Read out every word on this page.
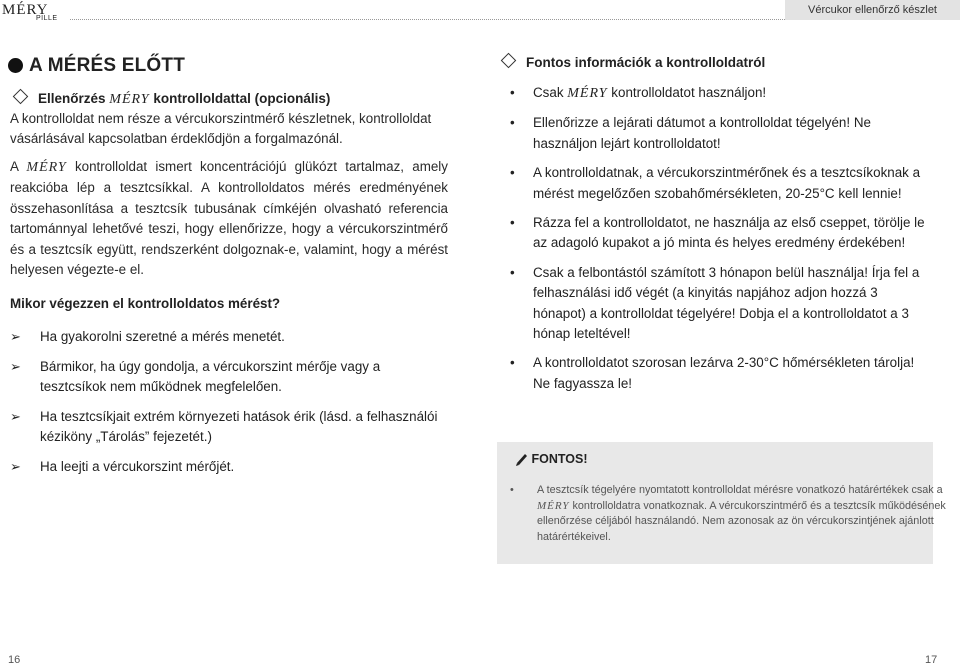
MÉRY
PILLE
Vércukor ellenőrző készlet
A MÉRÉS ELŐTT
Ellenőrzés MÉRY kontrolloldattal (opcionális)
A kontrolloldat nem része a vércukorszintmérő készletnek, kontrolloldat vásárlásával kapcsolatban érdeklődjön a forgalmazónál.
A MÉRY kontrolloldat ismert koncentrációjú glükózt tartalmaz, amely reakcióba lép a tesztcsíkkal. A kontrolloldatos mérés eredményének összehasonlítása a tesztcsík tubusának címkéjén olvasható referencia tartománnyal lehetővé teszi, hogy ellenőrizze, hogy a vércukorszintmérő és a tesztcsík együtt, rendszerként dolgoznak-e, valamint, hogy a mérést helyesen végezte-e el.
Mikor végezzen el kontrolloldatos mérést?
➢ Ha gyakorolni szeretné a mérés menetét.
➢ Bármikor, ha úgy gondolja, a vércukorszint mérője vagy a tesztcsíkok nem működnek megfelelően.
➢ Ha tesztcsíkjait extrém környezeti hatások érik (lásd. a felhasználói kéziköny „Tárolás” fejezetét.)
➢ Ha leejti a vércukorszint mérőjét.
Fontos információk a kontrolloldatról
• Csak MÉRY kontrolloldatot használjon!
• Ellenőrizze a lejárati dátumot a kontrolloldat tégelyén! Ne használjon lejárt kontrolloldatot!
• A kontrolloldatnak, a vércukorszintmérőnek és a tesztcsíkoknak a mérést megelőzően szobahőmérsékleten, 20-25°C kell lennie!
• Rázza fel a kontrolloldatot, ne használja az első cseppet, törölje le az adagoló kupakot a jó minta és helyes eredmény érdekében!
• Csak a felbontástól számított 3 hónapon belül használja! Írja fel a felhasználási idő végét (a kinyitás napjához adjon hozzá 3 hónapot) a kontrolloldat tégelyére! Dobja el a kontrolloldatot a 3 hónap leteltével!
• A kontrolloldatot szorosan lezárva 2-30°C hőmérsékleten tárolja! Ne fagyassza le!
FONTOS!
• A tesztcsík tégelyére nyomtatott kontrolloldat mérésre vonatkozó határértékek csak a MÉRY kontrolloldatra vonatkoznak. A vércukorszintmérő és a tesztcsík működésének ellenőrzése céljából használandó. Nem azonosak az ön vércukorszintjének ajánlott határértékeivel.
16	17
